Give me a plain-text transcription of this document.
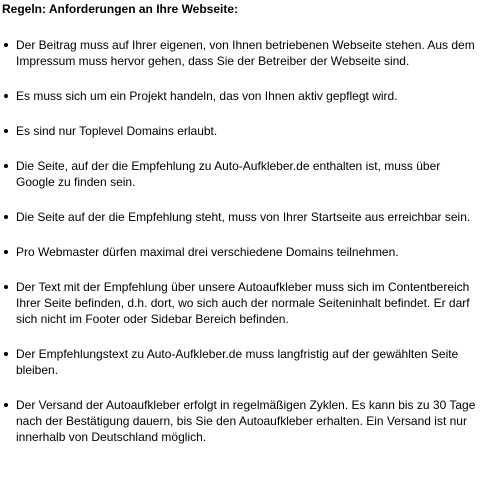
Regeln: Anforderungen an Ihre Webseite:
Der Beitrag muss auf Ihrer eigenen, von Ihnen betriebenen Webseite stehen. Aus dem Impressum muss hervor gehen, dass Sie der Betreiber der Webseite sind.
Es muss sich um ein Projekt handeln, das von Ihnen aktiv gepflegt wird.
Es sind nur Toplevel Domains erlaubt.
Die Seite, auf der die Empfehlung zu Auto-Aufkleber.de enthalten ist, muss über Google zu finden sein.
Die Seite auf der die Empfehlung steht, muss von Ihrer Startseite aus erreichbar sein.
Pro Webmaster dürfen maximal drei verschiedene Domains teilnehmen.
Der Text mit der Empfehlung über unsere Autoaufkleber muss sich im Contentbereich Ihrer Seite befinden, d.h. dort, wo sich auch der normale Seiteninhalt befindet. Er darf sich nicht im Footer oder Sidebar Bereich befinden.
Der Empfehlungstext zu Auto-Aufkleber.de muss langfristig auf der gewählten Seite bleiben.
Der Versand der Autoaufkleber erfolgt in regelmäßigen Zyklen. Es kann bis zu 30 Tage nach der Bestätigung dauern, bis Sie den Autoaufkleber erhalten. Ein Versand ist nur innerhalb von Deutschland möglich.
